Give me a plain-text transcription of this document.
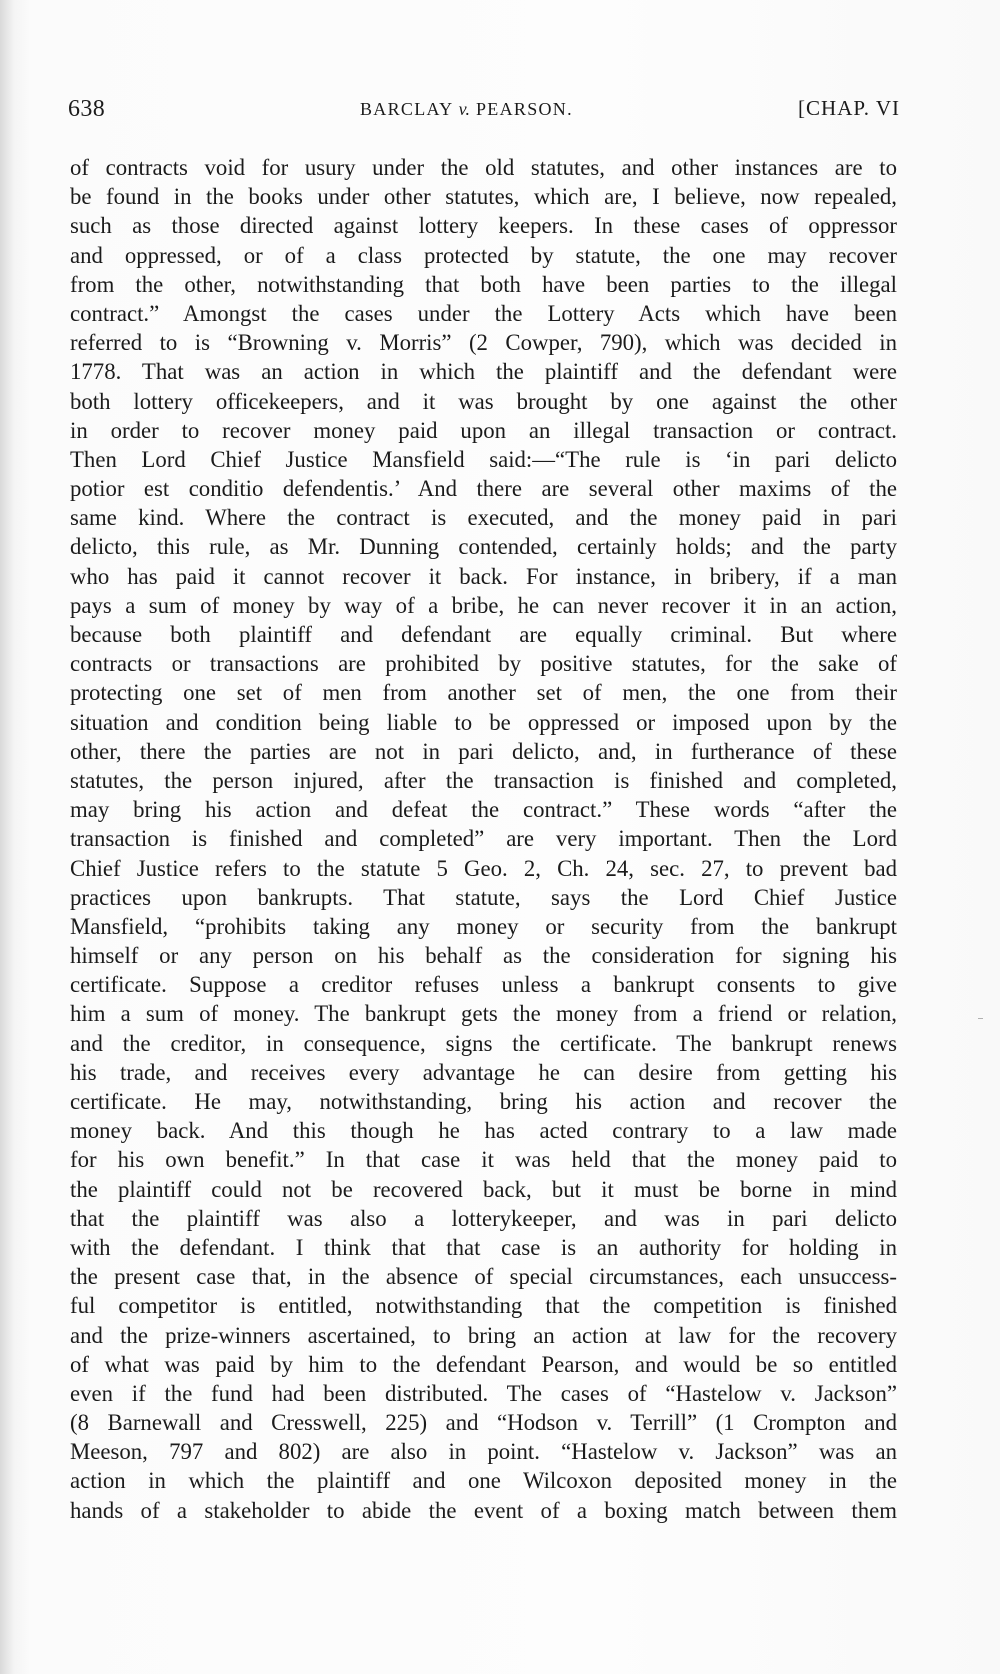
638	BARCLAY v. PEARSON.	[CHAP. VI
of contracts void for usury under the old statutes, and other instances are to
be found in the books under other statutes, which are, I believe, now repealed,
such as those directed against lottery keepers. In these cases of oppressor
and oppressed, or of a class protected by statute, the one may recover
from the other, notwithstanding that both have been parties to the illegal
contract.” Amongst the cases under the Lottery Acts which have been
referred to is “Browning v. Morris” (2 Cowper, 790), which was decided in
1778. That was an action in which the plaintiff and the defendant were
both lottery officekeepers, and it was brought by one against the other
in order to recover money paid upon an illegal transaction or contract.
Then Lord Chief Justice Mansfield said:—“The rule is ‘in pari delicto
potior est conditio defendentis.’ And there are several other maxims of the
same kind. Where the contract is executed, and the money paid in pari
delicto, this rule, as Mr. Dunning contended, certainly holds; and the party
who has paid it cannot recover it back. For instance, in bribery, if a man
pays a sum of money by way of a bribe, he can never recover it in an action,
because both plaintiff and defendant are equally criminal. But where
contracts or transactions are prohibited by positive statutes, for the sake of
protecting one set of men from another set of men, the one from their
situation and condition being liable to be oppressed or imposed upon by the
other, there the parties are not in pari delicto, and, in furtherance of these
statutes, the person injured, after the transaction is finished and completed,
may bring his action and defeat the contract.” These words “after the
transaction is finished and completed” are very important. Then the Lord
Chief Justice refers to the statute 5 Geo. 2, Ch. 24, sec. 27, to prevent bad
practices upon bankrupts. That statute, says the Lord Chief Justice
Mansfield, “prohibits taking any money or security from the bankrupt
himself or any person on his behalf as the consideration for signing his
certificate. Suppose a creditor refuses unless a bankrupt consents to give
him a sum of money. The bankrupt gets the money from a friend or relation,
and the creditor, in consequence, signs the certificate. The bankrupt renews
his trade, and receives every advantage he can desire from getting his
certificate. He may, notwithstanding, bring his action and recover the
money back. And this though he has acted contrary to a law made
for his own benefit.” In that case it was held that the money paid to
the plaintiff could not be recovered back, but it must be borne in mind
that the plaintiff was also a lotterykeeper, and was in pari delicto
with the defendant. I think that that case is an authority for holding in
the present case that, in the absence of special circumstances, each unsuccess-
ful competitor is entitled, notwithstanding that the competition is finished
and the prize-winners ascertained, to bring an action at law for the recovery
of what was paid by him to the defendant Pearson, and would be so entitled
even if the fund had been distributed. The cases of “Hastelow v. Jackson”
(8 Barnewall and Cresswell, 225) and “Hodson v. Terrill” (1 Crompton and
Meeson, 797 and 802) are also in point. “Hastelow v. Jackson” was an
action in which the plaintiff and one Wilcoxon deposited money in the
hands of a stakeholder to abide the event of a boxing match between them
